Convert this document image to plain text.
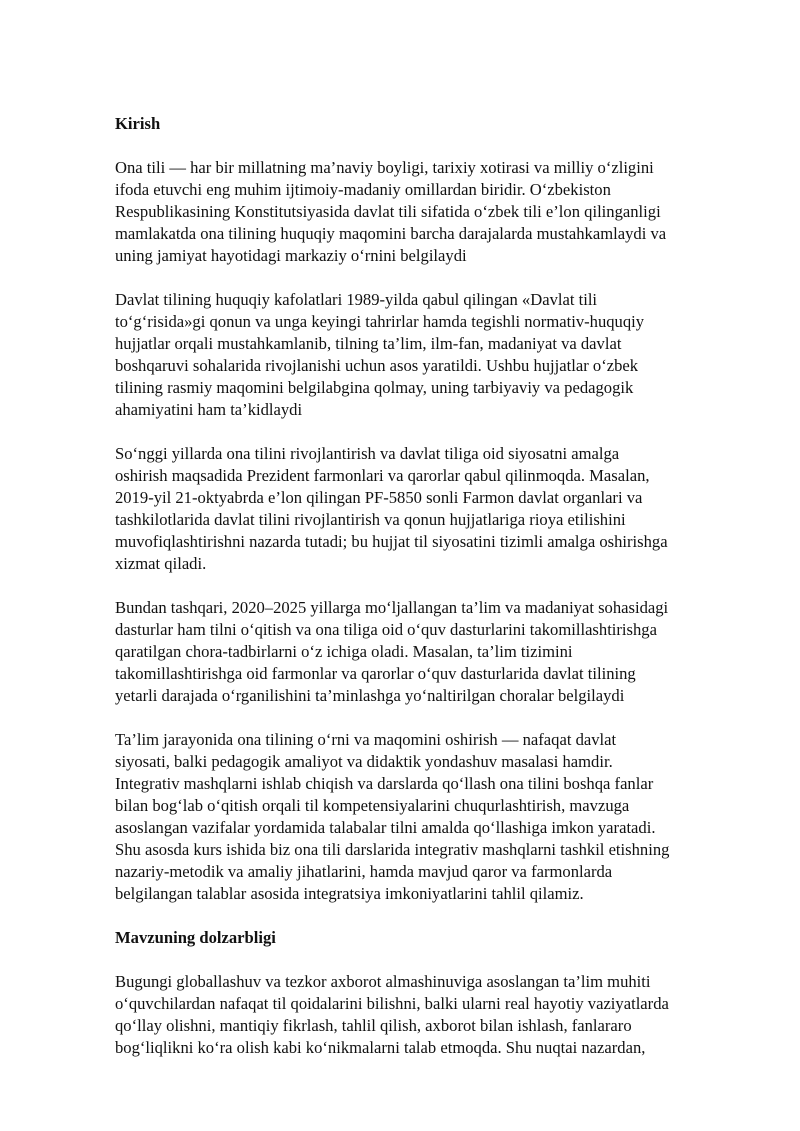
Kirish

Ona tili — har bir millatning ma’naviy boyligi, tarixiy xotirasi va milliy o‘zligini
ifoda etuvchi eng muhim ijtimoiy-madaniy omillardan biridir. O‘zbekiston
Respublikasining Konstitutsiyasida davlat tili sifatida o‘zbek tili e’lon qilinganligi
mamlakatda ona tilining huquqiy maqomini barcha darajalarda mustahkamlaydi va
uning jamiyat hayotidagi markaziy o‘rnini belgilaydi

Davlat tilining huquqiy kafolatlari 1989-yilda qabul qilingan «Davlat tili
to‘g‘risida»gi qonun va unga keyingi tahrirlar hamda tegishli normativ-huquqiy
hujjatlar orqali mustahkamlanib, tilning ta’lim, ilm-fan, madaniyat va davlat
boshqaruvi sohalarida rivojlanishi uchun asos yaratildi. Ushbu hujjatlar o‘zbek
tilining rasmiy maqomini belgilabgina qolmay, uning tarbiyaviy va pedagogik
ahamiyatini ham ta’kidlaydi

So‘nggi yillarda ona tilini rivojlantirish va davlat tiliga oid siyosatni amalga
oshirish maqsadida Prezident farmonlari va qarorlar qabul qilinmoqda. Masalan,
2019-yil 21-oktyabrda e’lon qilingan PF-5850 sonli Farmon davlat organlari va
tashkilotlarida davlat tilini rivojlantirish va qonun hujjatlariga rioya etilishini
muvofiqlashtirishni nazarda tutadi; bu hujjat til siyosatini tizimli amalga oshirishga
xizmat qiladi.

Bundan tashqari, 2020–2025 yillarga mo‘ljallangan ta’lim va madaniyat sohasidagi
dasturlar ham tilni o‘qitish va ona tiliga oid o‘quv dasturlarini takomillashtirishga
qaratilgan chora-tadbirlarni o‘z ichiga oladi. Masalan, ta’lim tizimini
takomillashtirishga oid farmonlar va qarorlar o‘quv dasturlarida davlat tilining
yetarli darajada o‘rganilishini ta’minlashga yo‘naltirilgan choralar belgilaydi

Ta’lim jarayonida ona tilining o‘rni va maqomini oshirish — nafaqat davlat
siyosati, balki pedagogik amaliyot va didaktik yondashuv masalasi hamdir.
Integrativ mashqlarni ishlab chiqish va darslarda qo‘llash ona tilini boshqa fanlar
bilan bog‘lab o‘qitish orqali til kompetensiyalarini chuqurlashtirish, mavzuga
asoslangan vazifalar yordamida talabalar tilni amalda qo‘llashiga imkon yaratadi.
Shu asosda kurs ishida biz ona tili darslarida integrativ mashqlarni tashkil etishning
nazariy-metodik va amaliy jihatlarini, hamda mavjud qaror va farmonlarda
belgilangan talablar asosida integratsiya imkoniyatlarini tahlil qilamiz.

Mavzuning dolzarbligi

Bugungi globallashuv va tezkor axborot almashinuviga asoslangan ta’lim muhiti
o‘quvchilardan nafaqat til qoidalarini bilishni, balki ularni real hayotiy vaziyatlarda
qo‘llay olishni, mantiqiy fikrlash, tahlil qilish, axborot bilan ishlash, fanlararo
bog‘liqlikni ko‘ra olish kabi ko‘nikmalarni talab etmoqda. Shu nuqtai nazardan,
